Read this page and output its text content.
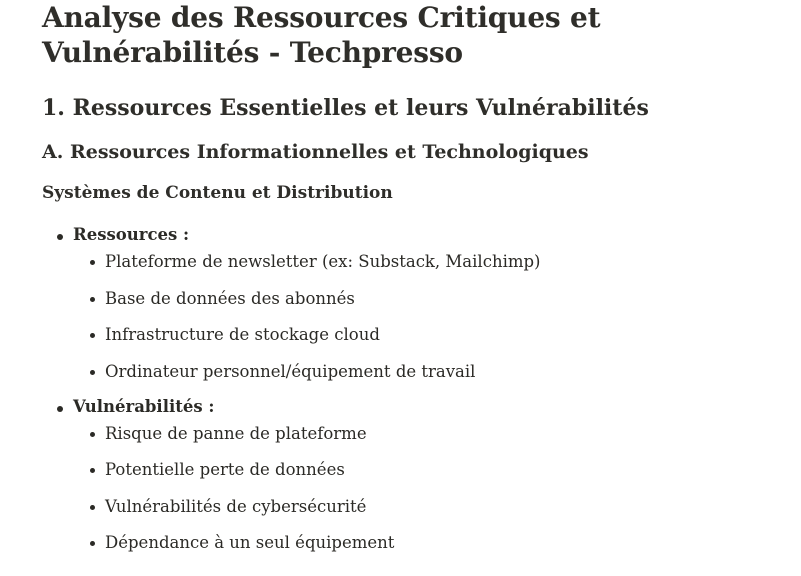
Analyse des Ressources Critiques et Vulnérabilités - Techpresso
1. Ressources Essentielles et leurs Vulnérabilités
A. Ressources Informationnelles et Technologiques
Systèmes de Contenu et Distribution
Ressources :
Plateforme de newsletter (ex: Substack, Mailchimp)
Base de données des abonnés
Infrastructure de stockage cloud
Ordinateur personnel/équipement de travail
Vulnérabilités :
Risque de panne de plateforme
Potentielle perte de données
Vulnérabilités de cybersécurité
Dépendance à un seul équipement
